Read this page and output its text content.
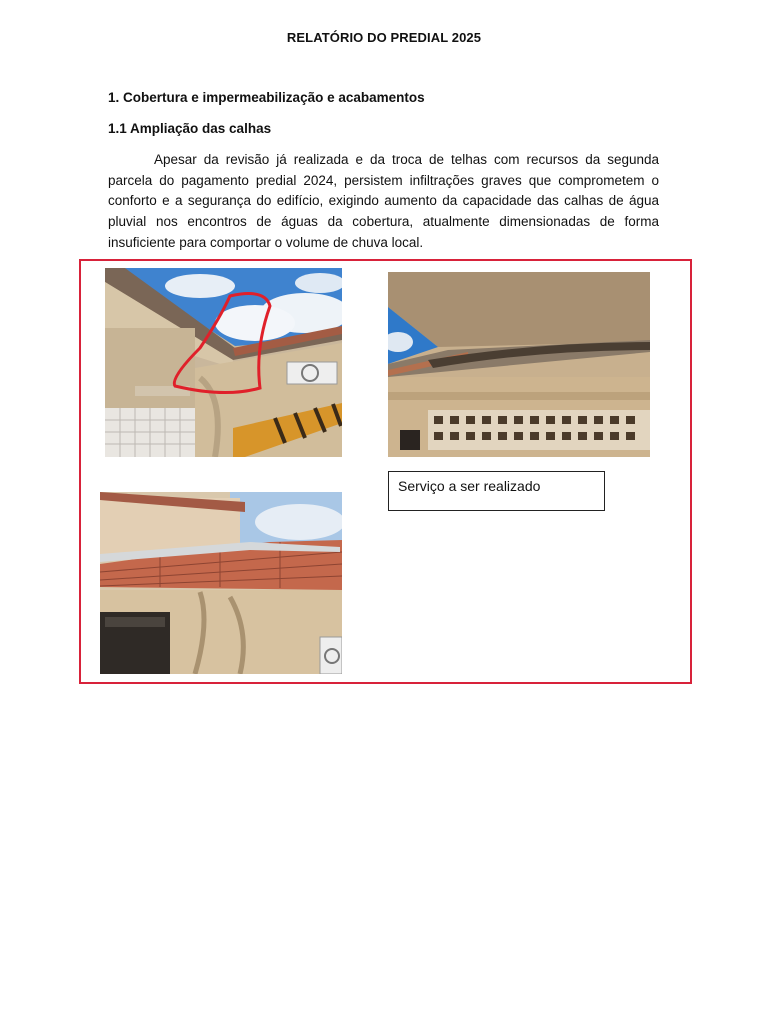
RELATÓRIO DO PREDIAL 2025
1. Cobertura e impermeabilização e acabamentos
1.1 Ampliação das calhas
Apesar da revisão já realizada e da troca de telhas com recursos da segunda parcela do pagamento predial 2024, persistem infiltrações graves que comprometem o conforto e a segurança do edifício, exigindo aumento da capacidade das calhas de água pluvial nos encontros de águas da cobertura, atualmente dimensionadas de forma insuficiente para comportar o volume de chuva local.
Serviço a ser realizado
